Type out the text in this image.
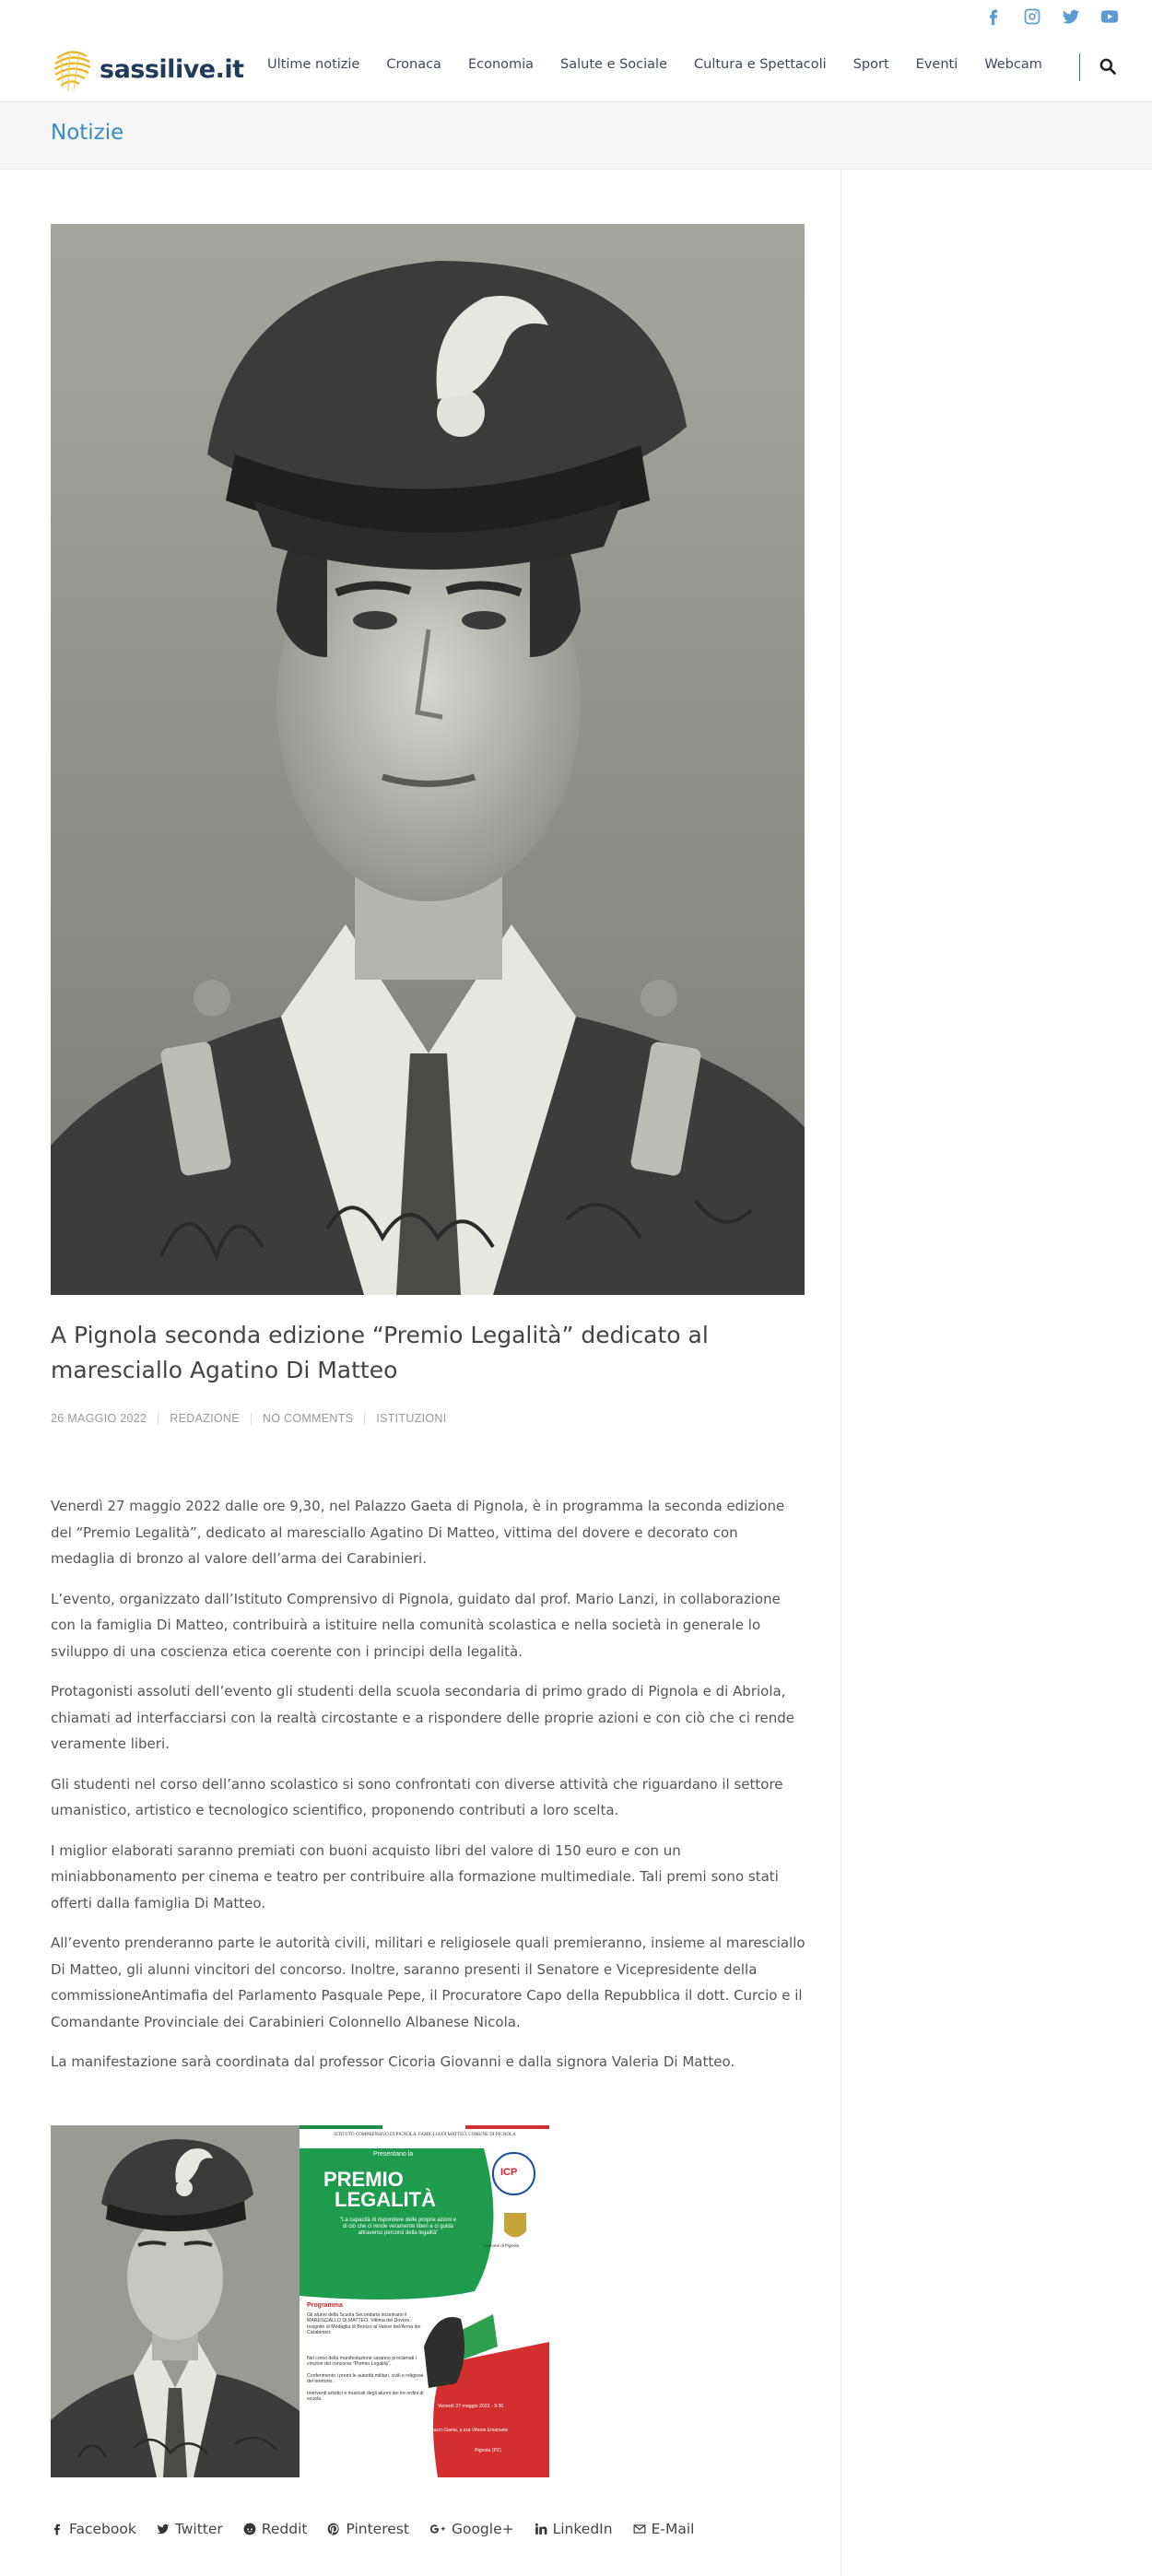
sassilive.it Ultime notizie Cronaca Economia Salute e Sociale Cultura e Spettacoli Sport Eventi Webcam
Notizie
A Pignola seconda edizione “Premio Legalità” dedicato al maresciallo Agatino Di Matteo
26 MAGGIO 2022 REDAZIONE NO COMMENTS ISTITUZIONI

Venerdì 27 maggio 2022 dalle ore 9,30, nel Palazzo Gaeta di Pignola, è in programma la seconda edizione del “Premio Legalità”, dedicato al maresciallo Agatino Di Matteo, vittima del dovere e decorato con medaglia di bronzo al valore dell’arma dei Carabinieri.

L’evento, organizzato dall’Istituto Comprensivo di Pignola, guidato dal prof. Mario Lanzi, in collaborazione con la famiglia Di Matteo, contribuirà a istituire nella comunità scolastica e nella società in generale lo sviluppo di una coscienza etica coerente con i principi della legalità.

Protagonisti assoluti dell’evento gli studenti della scuola secondaria di primo grado di Pignola e di Abriola, chiamati ad interfacciarsi con la realtà circostante e a rispondere delle proprie azioni e con ciò che ci rende veramente liberi.

Gli studenti nel corso dell’anno scolastico si sono confrontati con diverse attività che riguardano il settore umanistico, artistico e tecnologico scientifico, proponendo contributi a loro scelta.

I miglior elaborati saranno premiati con buoni acquisto libri del valore di 150 euro e con un miniabbonamento per cinema e teatro per contribuire alla formazione multimediale. Tali premi sono stati offerti dalla famiglia Di Matteo.

All’evento prenderanno parte le autorità civili, militari e religiosele quali premieranno, insieme al maresciallo Di Matteo, gli alunni vincitori del concorso. Inoltre, saranno presenti il Senatore e Vicepresidente della commissioneAntimafia del Parlamento Pasquale Pepe, il Procuratore Capo della Repubblica il dott. Curcio e il Comandante Provinciale dei Carabinieri Colonnello Albanese Nicola.

La manifestazione sarà coordinata dal professor Cicoria Giovanni e dalla signora Valeria Di Matteo.

ISTITUTO COMPRENSIVO DI PIGNOLA, FAMIGLIA DI MATTEO, COMUNE DI PIGNOLA
Presentano la
PREMIO
LEGALITÀ
"La capacità di rispondere delle proprie azioni e di ciò che ci rende veramente liberi e ci guida attraverso percorsi della legalità"
ICP
Comune di Pignola
Programma
Gli alunni della Scuola Secondaria incontrano il MARESCIALLO DI MATTEO, Vittima del Dovere, Insignito di Medaglia di Bronzo al Valore dell'Arma dei Carabinieri.
Nel corso della manifestazione saranno proclamati i vincitori del concorso "Premio Legalità".
Conferimento i premi le autorità militari, civili e religiose del territorio.
Interventi artistici e musicali degli alunni dei tre ordini di scuola.
Venerdì 27 maggio 2022 - 9:30
Palazzo Gaeta, p.zza Vittorio Emanuele
Pignola (PZ)
Facebook	Twitter	Reddit	Pinterest	Google+	LinkedIn	E-Mail
